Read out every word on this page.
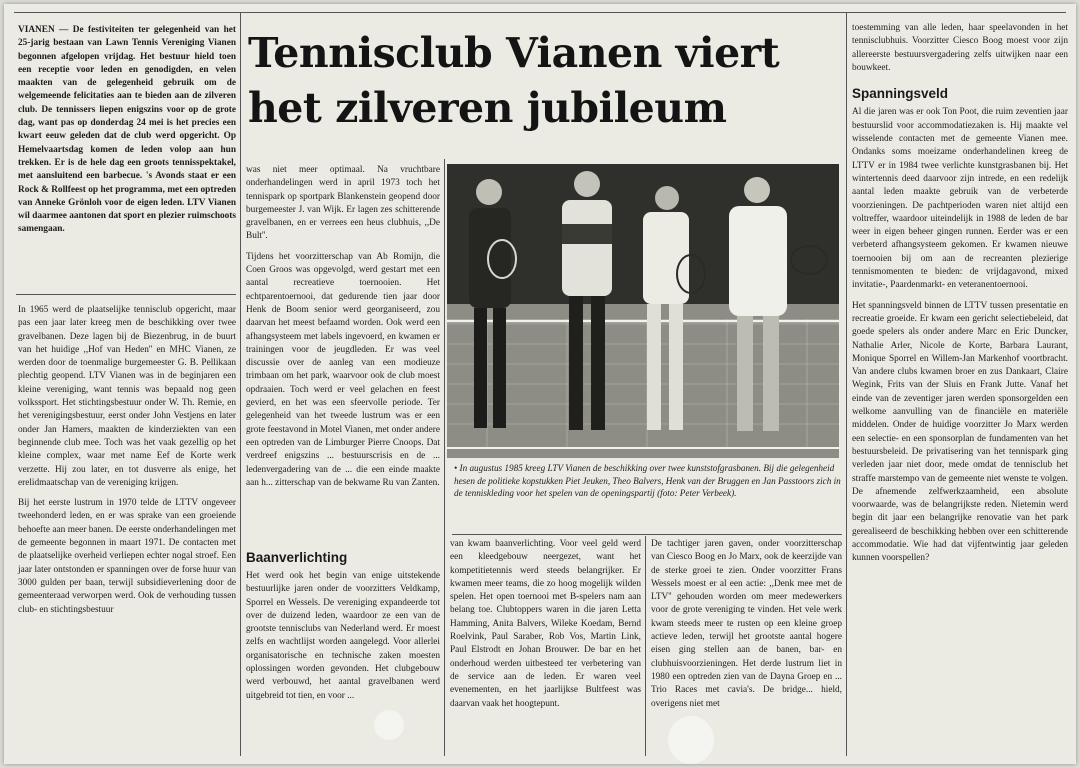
VIANEN — De festiviteiten ter gelegenheid van het 25-jarig bestaan van Lawn Tennis Vereniging Vianen begonnen afgelopen vrijdag. Het bestuur hield toen een receptie voor leden en genodigden, en velen maakten van de gelegenheid gebruik om de welgemeende felicitaties aan te bieden aan de zilveren club. De tennissers liepen enigszins voor op de grote dag, want pas op donderdag 24 mei is het precies een kwart eeuw geleden dat de club werd opgericht. Op Hemelvaartsdag komen de leden volop aan hun trekken. Er is de hele dag een groots tennisspektakel, met aansluitend een barbecue. 's Avonds staat er een Rock & Rollfeest op het programma, met een optreden van Anneke Grönloh voor de eigen leden. LTV Vianen wil daarmee aantonen dat sport en plezier ruimschoots samengaan.

In 1965 werd de plaatselijke tennisclub opgericht, maar pas een jaar later kreeg men de beschikking over twee gravelbanen. Deze lagen bij de Biezenbrug, in de buurt van het huidige ,,Hof van Heden'' en MHC Vianen, ze werden door de toenmalige burgemeester G. B. Pellikaan plechtig geopend. LTV Vianen was in de beginjaren een kleine vereniging, want tennis was bepaald nog geen volkssport. Het stichtingsbestuur onder W. Th. Remie, en het verenigingsbestuur, eerst onder John Vestjens en later onder Jan Hamers, maakten de kinderziekten van een beginnende club mee. Toch was het vaak gezellig op het kleine complex, waar met name Eef de Korte werk verzette. Hij zou later, en tot dusverre als enige, het erelidmaatschap van de vereniging krijgen.

Bij het eerste lustrum in 1970 telde de LTTV ongeveer tweehonderd leden, en er was sprake van een groeiende behoefte aan meer banen. De eerste onderhandelingen met de gemeente begonnen in maart 1971. De contacten met de plaatselijke overheid verliepen echter nogal stroef. Een jaar later ontstonden er spanningen over de forse huur van 3000 gulden per baan, terwijl subsidieverlening door de gemeenteraad verworpen werd. Ook de verhouding tussen club- en stichtingsbestuur

Tennisclub Vianen viert
het zilveren jubileum

was niet meer optimaal. Na vruchtbare onderhandelingen werd in april 1973 toch het tennispark op sportpark Blankenstein geopend door burgemeester J. van Wijk. Er lagen zes schitterende gravelbanen, en er verrees een heus clubhuis, ,,De Bult''.

Tijdens het voorzitterschap van Ab Romijn, die Coen Groos was opgevolgd, werd gestart met een aantal recreatieve toernooien. Het echtparentoernooi, dat gedurende tien jaar door Henk de Boom senior werd georganiseerd, zou daarvan het meest befaamd worden. Ook werd een afhangsysteem met labels ingevoerd, en kwamen er trainingen voor de jeugdleden. Er was veel discussie over de aanleg van een modieuze trimbaan om het park, waarvoor ook de club moest opdraaien. Toch werd er veel gelachen en feest gevierd, en het was een sfeervolle periode. Ter gelegenheid van het tweede lustrum was er een grote feestavond in Motel Vianen, met onder andere een optreden van de Limburger Pierre Cnoops. Dat verdreef enigszins ... bestuurscrisis en de ... ledenvergadering van de ... die een einde maakte aan h... zitterschap van de bekwame Ru van Zanten.

Baanverlichting

Het werd ook het begin van enige uitstekende bestuurlijke jaren onder de voorzitters Veldkamp, Sporrel en Wessels. De vereniging expandeerde tot over de duizend leden, waardoor ze een van de grootste tennisclubs van Nederland werd. Er moest zelfs en wachtlijst worden aangelegd. Voor allerlei organisatorische en technische zaken moesten oplossingen worden gevonden. Het clubgebouw werd verbouwd, het aantal gravelbanen werd uitgebreid tot tien, en voor ...

• In augustus 1985 kreeg LTV Vianen de beschikking over twee kunststofgrasbanen. Bij die gelegenheid hesen de politieke kopstukken Piet Jeuken, Theo Balvers, Henk van der Bruggen en Jan Passtoors zich in de tenniskleding voor het spelen van de openingspartij (foto: Peter Verbeek).

van kwam baanverlichting. Voor veel geld werd een kleedgebouw neergezet, want het kompetitietennis werd steeds belangrijker. Er kwamen meer teams, die zo hoog mogelijk wilden spelen. Het open toernooi met B-spelers nam aan belang toe. Clubtoppers waren in die jaren Letta Hamming, Anita Balvers, Wileke Koedam, Bernd Roelvink, Paul Saraber, Rob Vos, Martin Link, Paul Elstrodt en Johan Brouwer. De bar en het onderhoud werden uitbesteed ter verbetering van de service aan de leden. Er waren veel evenementen, en het jaarlijkse Bultfeest was daarvan vaak het hoogtepunt.

De tachtiger jaren gaven, onder voorzitterschap van Ciesco Boog en Jo Marx, ook de keerzijde van de sterke groei te zien. Onder voorzitter Frans Wessels moest er al een actie: ,,Denk mee met de LTV'' gehouden worden om meer medewerkers voor de grote vereniging te vinden. Het vele werk kwam steeds meer te rusten op een kleine groep actieve leden, terwijl het grootste aantal hogere eisen ging stellen aan de banen, bar- en clubhuisvoorzieningen. Het derde lustrum liet in 1980 een optreden zien van de Dayna Groep en ... Trio Races met cavia's. De bridge... hield, overigens niet met

toestemming van alle leden, haar speelavonden in het tennisclubhuis. Voorzitter Ciesco Boog moest voor zijn allereerste bestuursvergadering zelfs uitwijken naar een bouwkeet.

Spanningsveld

Al die jaren was er ook Ton Poot, die ruim zeventien jaar bestuurslid voor accommodatiezaken is. Hij maakte vel wisselende contacten met de gemeente Vianen mee. Ondanks soms moeizame onderhandelinen kreeg de LTTV er in 1984 twee verlichte kunstgrasbanen bij. Het wintertennis deed daarvoor zijn intrede, en een redelijk aantal leden maakte gebruik van de verbeterde voorzieningen. De pachtperioden waren niet altijd een voltreffer, waardoor uiteindelijk in 1988 de leden de bar weer in eigen beheer gingen runnen. Eerder was er een verbeterd afhangsysteem gekomen. Er kwamen nieuwe toernooien bij om aan de recreanten plezierige tennismomenten te bieden: de vrijdagavond, mixed invitatie-, Paardenmarkt- en veteranentoernooi.

Het spanningsveld binnen de LTTV tussen presentatie en recreatie groeide. Er kwam een gericht selectiebeleid, dat goede spelers als onder andere Marc en Eric Duncker, Nathalie Arler, Nicole de Korte, Barbara Laurant, Monique Sporrel en Willem-Jan Markenhof voortbracht. Van andere clubs kwamen broer en zus Dankaart, Claire Wegink, Frits van der Sluis en Frank Jutte. Vanaf het einde van de zeventiger jaren werden sponsorgelden een welkome aanvulling van de financiële en materiële middelen. Onder de huidige voorzitter Jo Marx werden een selectie- en een sponsorplan de fundamenten van het bestuursbeleid. De privatisering van het tennispark ging verleden jaar niet door, mede omdat de tennisclub het straffe marstempo van de gemeente niet wenste te volgen. De afnemende zelfwerkzaamheid, een absolute voorwaarde, was de belangrijkste reden. Nietemin werd begin dit jaar een belangrijke renovatie van het park gerealiseerd de beschikking hebben over een schitterende accommodatie. Wie had dat vijfentwintig jaar geleden kunnen voorspellen?
